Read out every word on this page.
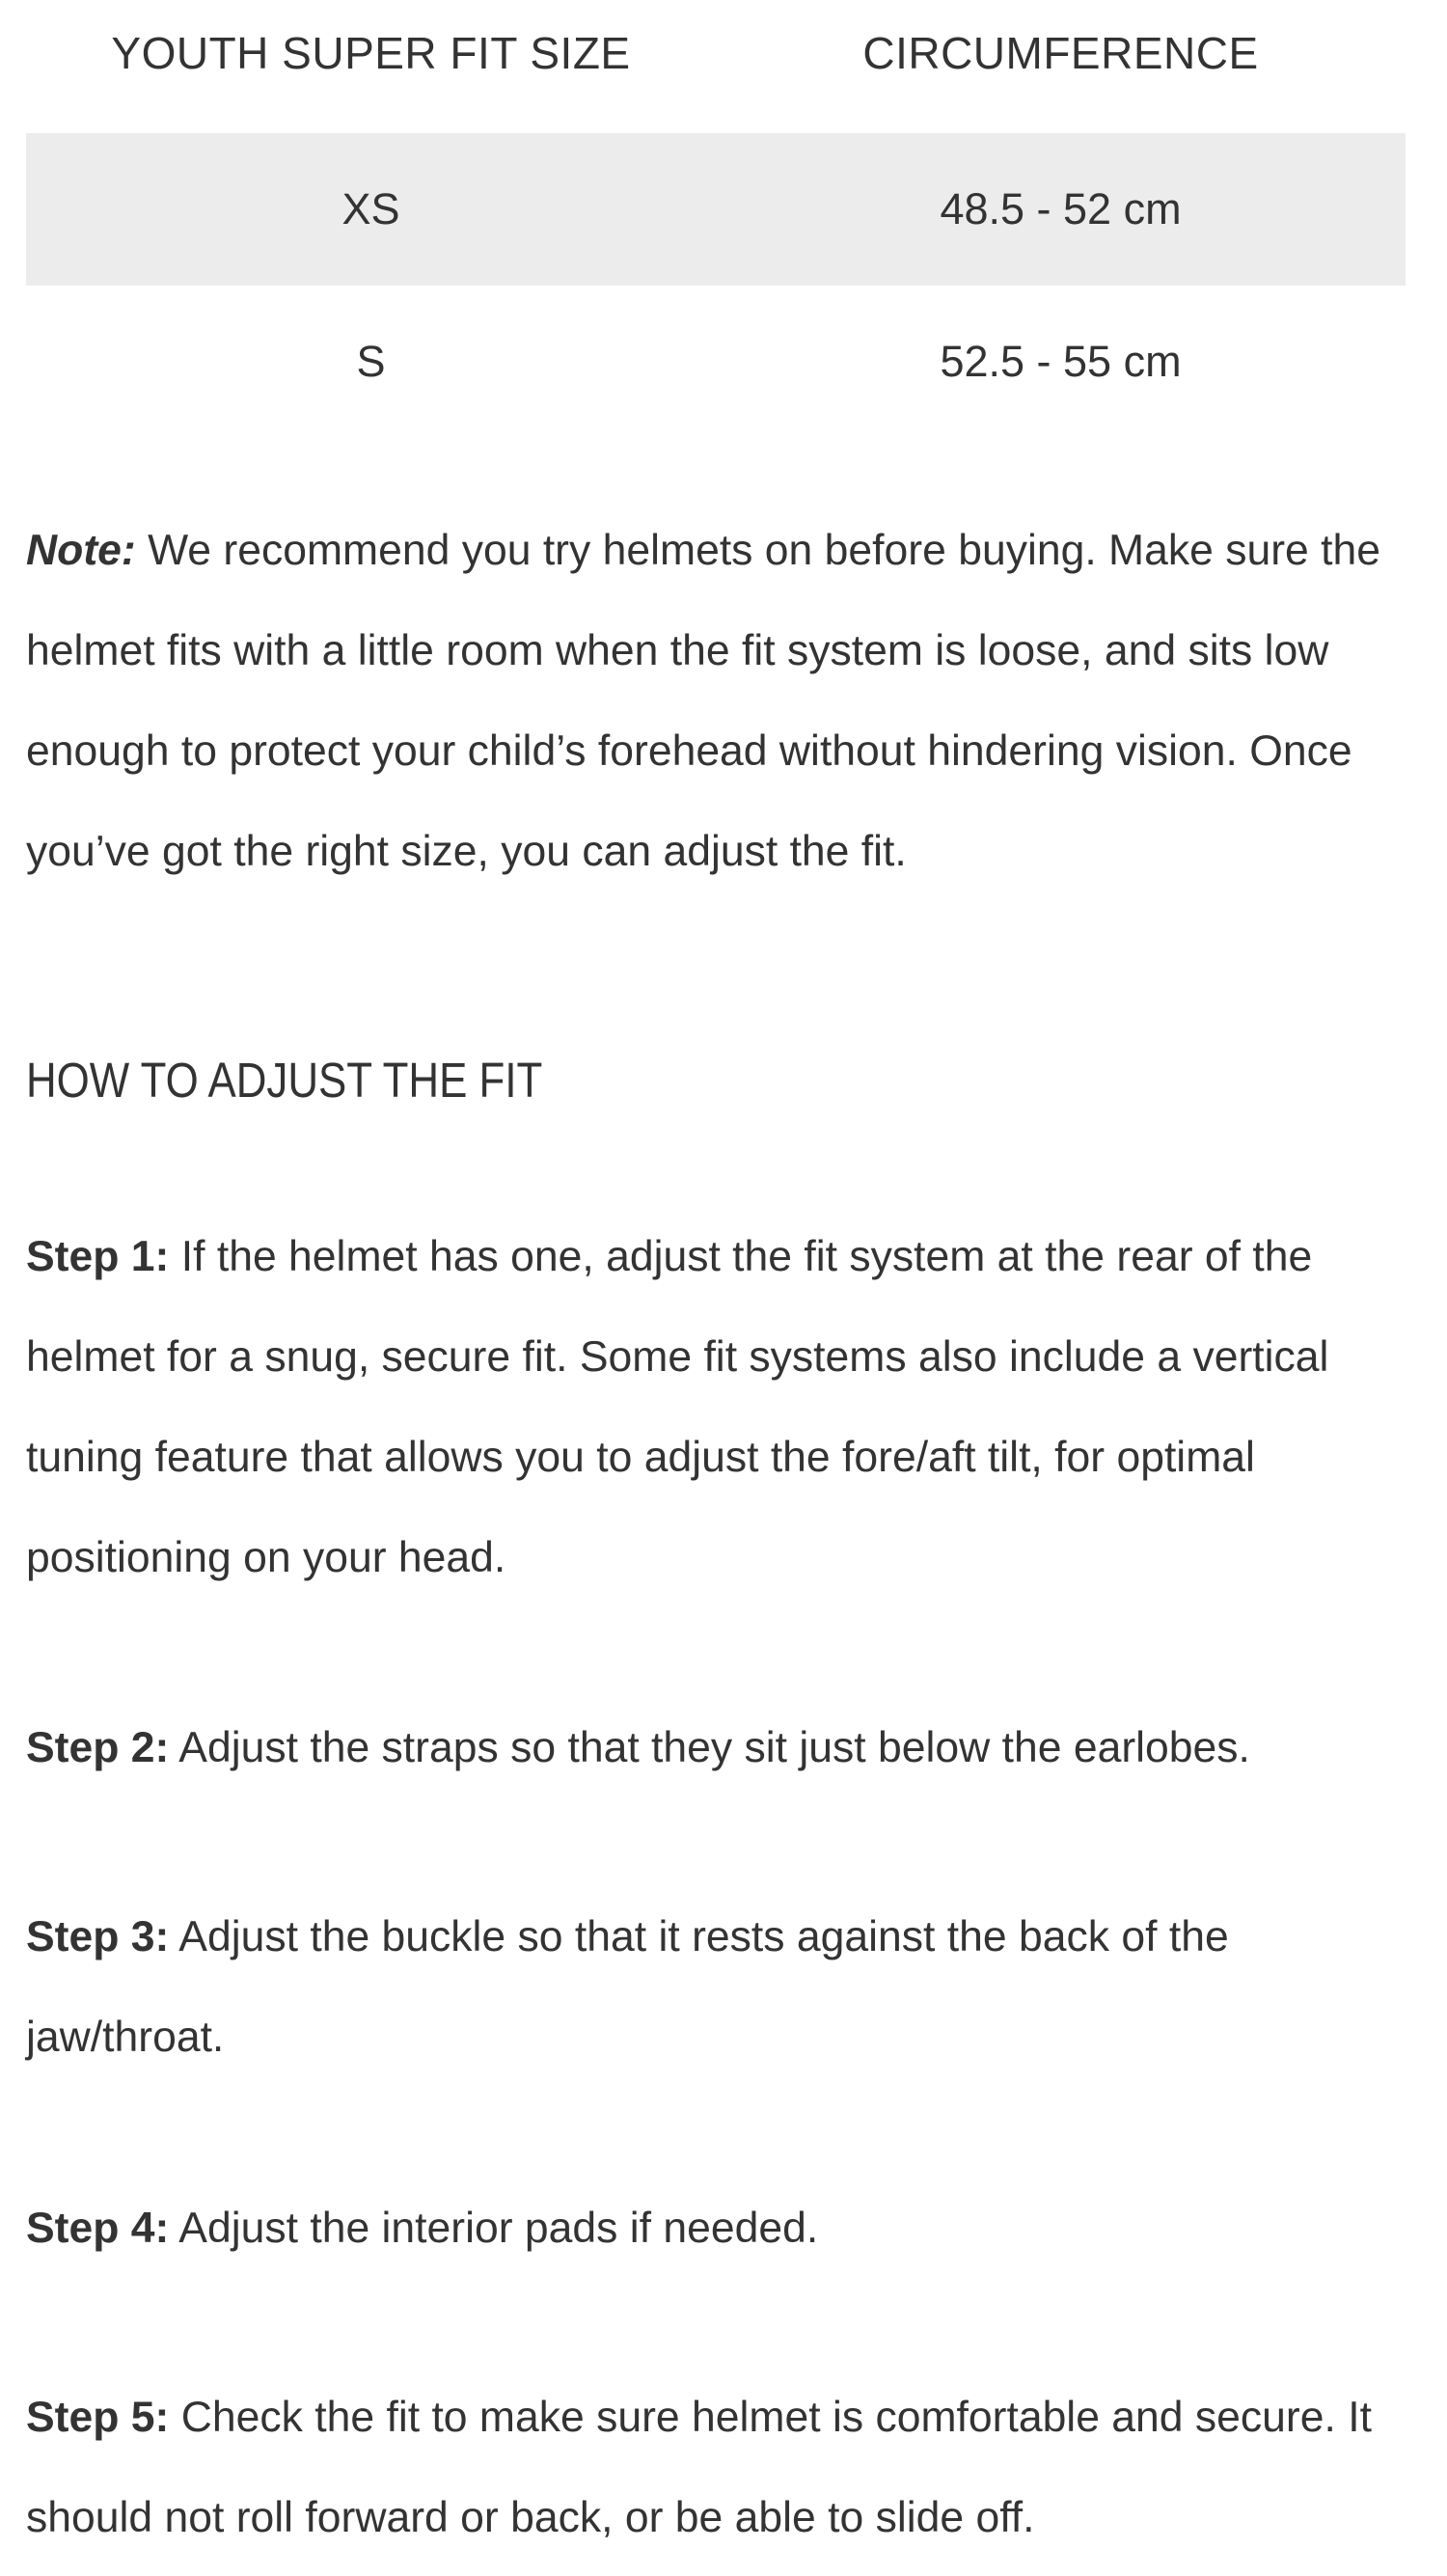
YOUTH SUPER FIT SIZE	CIRCUMFERENCE
XS	48.5 - 52 cm
S	52.5 - 55 cm

Note: We recommend you try helmets on before buying. Make sure the helmet fits with a little room when the fit system is loose, and sits low enough to protect your child’s forehead without hindering vision. Once you’ve got the right size, you can adjust the fit.

HOW TO ADJUST THE FIT

Step 1: If the helmet has one, adjust the fit system at the rear of the helmet for a snug, secure fit. Some fit systems also include a vertical tuning feature that allows you to adjust the fore/aft tilt, for optimal positioning on your head.

Step 2: Adjust the straps so that they sit just below the earlobes.

Step 3: Adjust the buckle so that it rests against the back of the jaw/throat.

Step 4: Adjust the interior pads if needed.

Step 5: Check the fit to make sure helmet is comfortable and secure. It should not roll forward or back, or be able to slide off.
